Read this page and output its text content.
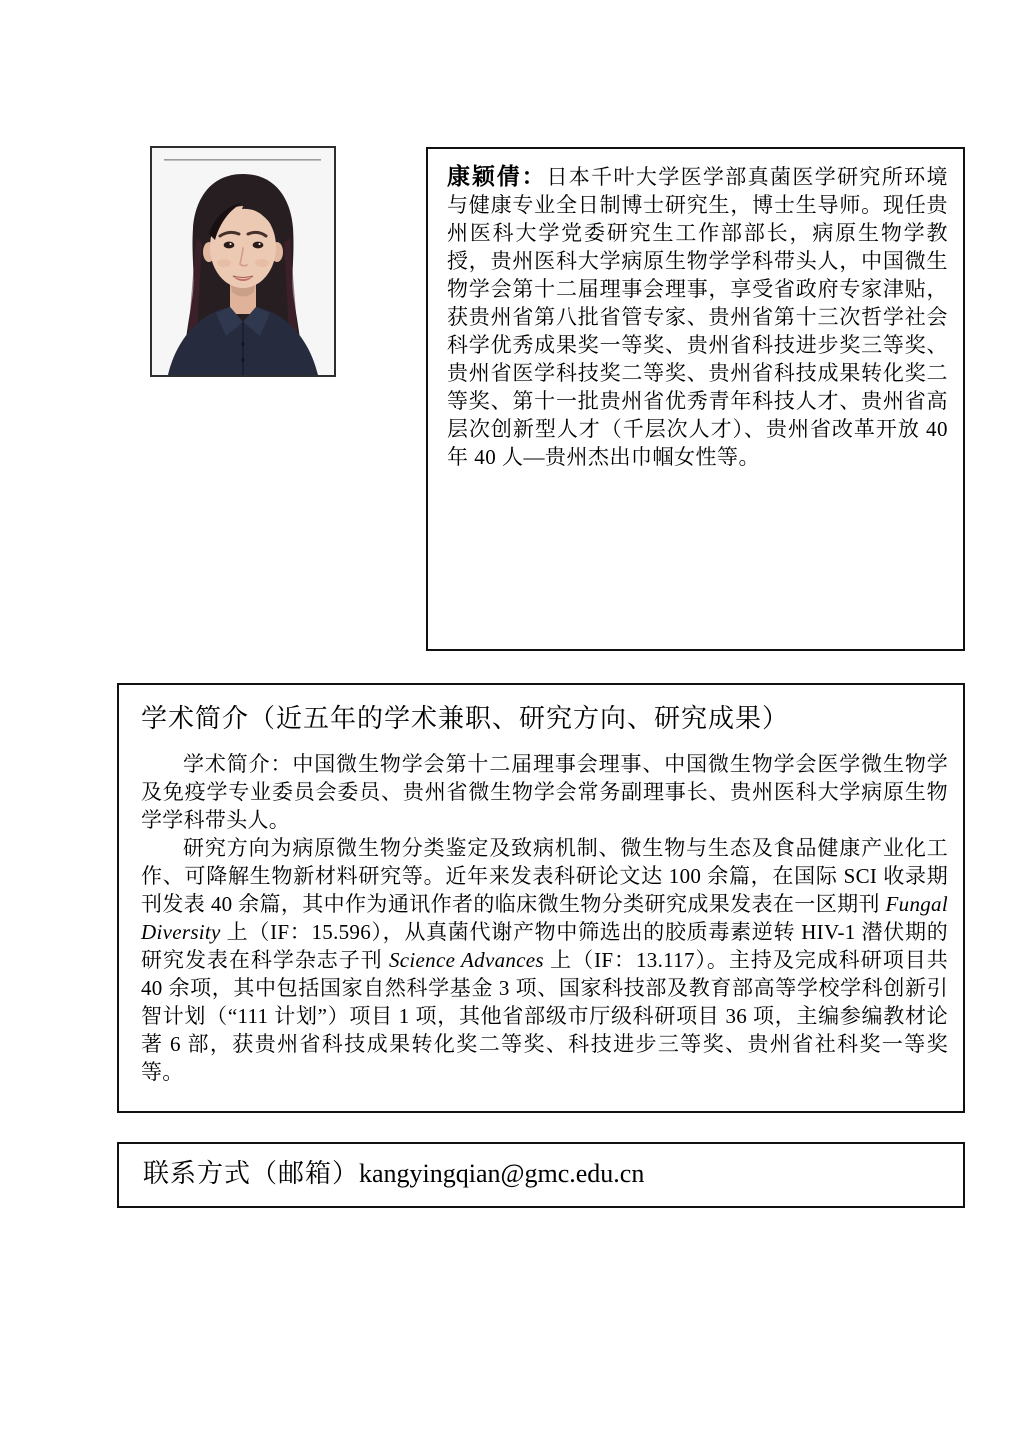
康颖倩：日本千叶大学医学部真菌医学研究所环境与健康专业全日制博士研究生，博士生导师。现任贵州医科大学党委研究生工作部部长，病原生物学教授，贵州医科大学病原生物学学科带头人，中国微生物学会第十二届理事会理事，享受省政府专家津贴，获贵州省第八批省管专家、贵州省第十三次哲学社会科学优秀成果奖一等奖、贵州省科技进步奖三等奖、贵州省医学科技奖二等奖、贵州省科技成果转化奖二等奖、第十一批贵州省优秀青年科技人才、贵州省高层次创新型人才（千层次人才）、贵州省改革开放 40 年 40 人—贵州杰出巾帼女性等。
学术简介（近五年的学术兼职、研究方向、研究成果）

学术简介：中国微生物学会第十二届理事会理事、中国微生物学会医学微生物学及免疫学专业委员会委员、贵州省微生物学会常务副理事长、贵州医科大学病原生物学学科带头人。

研究方向为病原微生物分类鉴定及致病机制、微生物与生态及食品健康产业化工作、可降解生物新材料研究等。近年来发表科研论文达 100 余篇，在国际 SCI 收录期刊发表 40 余篇，其中作为通讯作者的临床微生物分类研究成果发表在一区期刊 Fungal Diversity 上（IF：15.596），从真菌代谢产物中筛选出的胶质毒素逆转 HIV-1 潜伏期的研究发表在科学杂志子刊 Science Advances 上（IF：13.117）。主持及完成科研项目共 40 余项，其中包括国家自然科学基金 3 项、国家科技部及教育部高等学校学科创新引智计划（“111 计划”）项目 1 项，其他省部级市厅级科研项目 36 项，主编参编教材论著 6 部，获贵州省科技成果转化奖二等奖、科技进步三等奖、贵州省社科奖一等奖等。

联系方式（邮箱）kangyingqian@gmc.edu.cn
